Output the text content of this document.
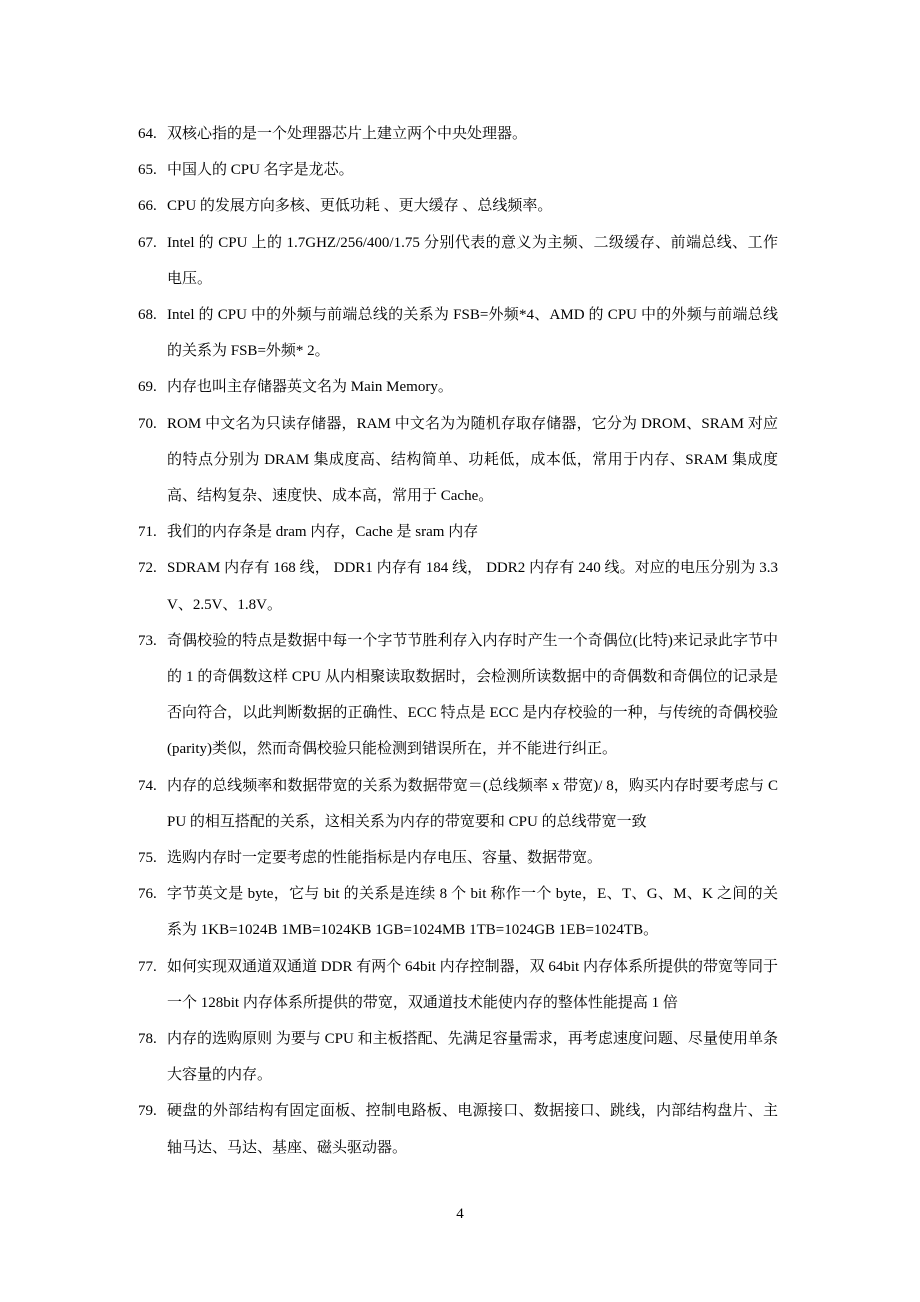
64. 双核心指的是一个处理器芯片上建立两个中央处理器。
65. 中国人的 CPU 名字是龙芯。
66. CPU 的发展方向多核、更低功耗 、更大缓存 、总线频率。
67. Intel 的 CPU 上的 1.7GHZ/256/400/1.75 分别代表的意义为主频、二级缓存、前端总线、工作电压。
68. Intel 的 CPU 中的外频与前端总线的关系为 FSB=外频*4、AMD 的 CPU 中的外频与前端总线的关系为 FSB=外频* 2。
69. 内存也叫主存储器英文名为 Main Memory。
70. ROM 中文名为只读存储器，RAM 中文名为为随机存取存储器，它分为 DROM、SRAM 对应的特点分别为 DRAM 集成度高、结构简单、功耗低，成本低，常用于内存、SRAM 集成度高、结构复杂、速度快、成本高，常用于 Cache。
71. 我们的内存条是 dram 内存，Cache 是 sram 内存
72. SDRAM 内存有 168 线， DDR1 内存有 184 线， DDR2 内存有 240 线。对应的电压分别为 3.3V、2.5V、1.8V。
73. 奇偶校验的特点是数据中每一个字节节胜利存入内存时产生一个奇偶位(比特)来记录此字节中的 1 的奇偶数这样 CPU 从内相聚读取数据时，会检测所读数据中的奇偶数和奇偶位的记录是否向符合，以此判断数据的正确性、ECC 特点是 ECC 是内存校验的一种，与传统的奇偶校验(parity)类似，然而奇偶校验只能检测到错误所在，并不能进行纠正。
74. 内存的总线频率和数据带宽的关系为数据带宽＝(总线频率 x 带宽)/ 8，购买内存时要考虑与 CPU 的相互搭配的关系，这相关系为内存的带宽要和 CPU 的总线带宽一致
75. 选购内存时一定要考虑的性能指标是内存电压、容量、数据带宽。
76. 字节英文是 byte，它与 bit 的关系是连续 8 个 bit 称作一个 byte，E、T、G、M、K 之间的关系为 1KB=1024B 1MB=1024KB 1GB=1024MB 1TB=1024GB 1EB=1024TB。
77. 如何实现双通道双通道 DDR 有两个 64bit 内存控制器，双 64bit 内存体系所提供的带宽等同于一个 128bit 内存体系所提供的带宽，双通道技术能使内存的整体性能提高 1 倍
78. 内存的选购原则 为要与 CPU 和主板搭配、先满足容量需求，再考虑速度问题、尽量使用单条大容量的内存。
79. 硬盘的外部结构有固定面板、控制电路板、电源接口、数据接口、跳线，内部结构盘片、主轴马达、马达、基座、磁头驱动器。
4
